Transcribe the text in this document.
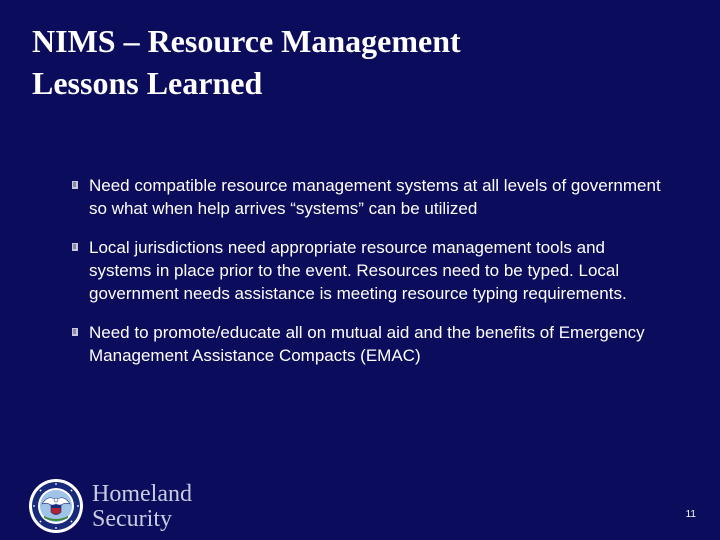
NIMS – Resource Management
Lessons Learned
Need compatible resource management systems at all levels of government so what when help arrives “systems” can be utilized
Local jurisdictions need appropriate resource management tools and systems in place prior to the event. Resources need to be typed. Local government needs assistance is meeting resource typing requirements.
Need to promote/educate all on mutual aid and the benefits of Emergency Management Assistance Compacts (EMAC)
Homeland
Security	11
